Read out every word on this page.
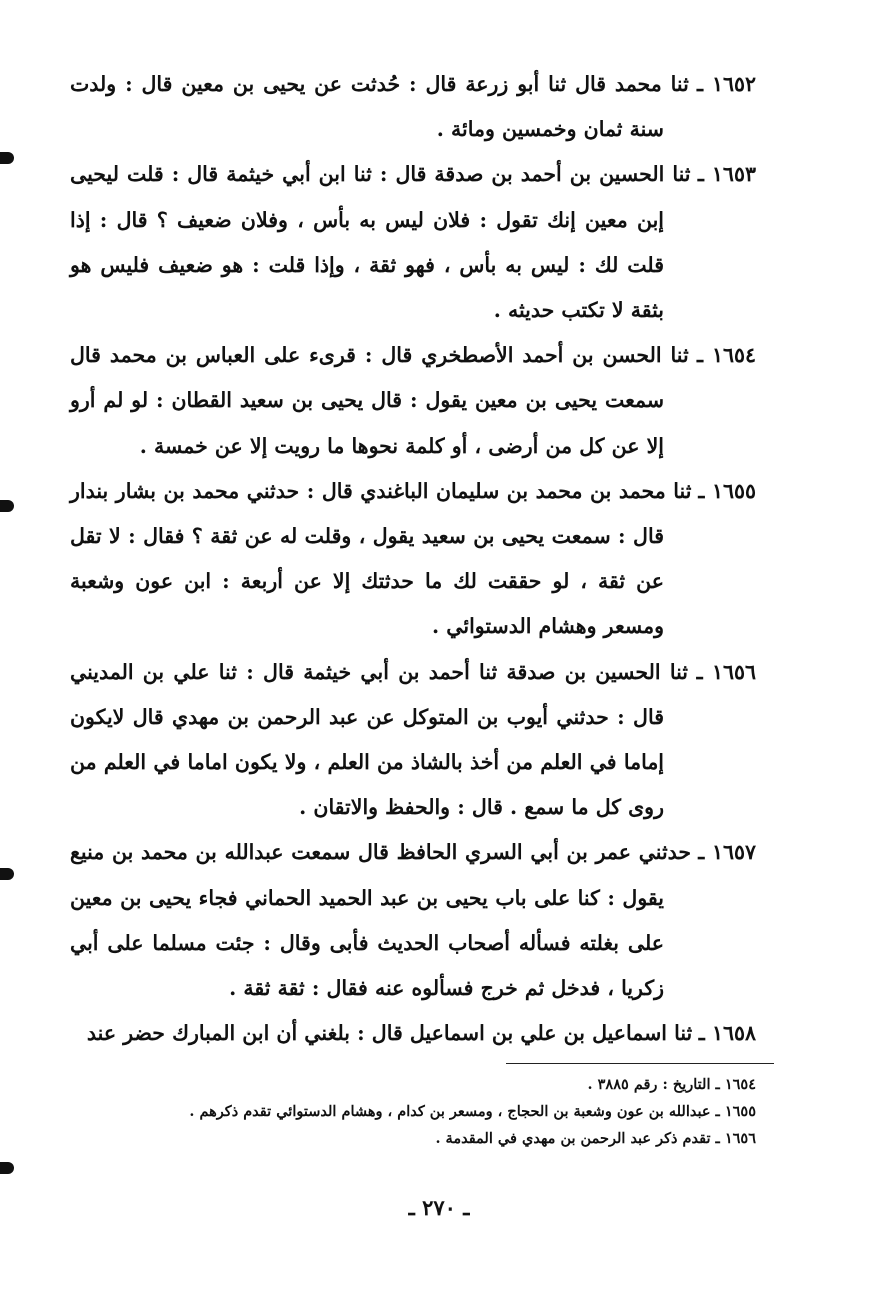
١٦٥٢ ـ ثنا محمد قال ثنا أبو زرعة قال : حُدثت عن يحيى بن معين قال : ولدت سنة ثمان وخمسين ومائة .

١٦٥٣ ـ ثنا الحسين بن أحمد بن صدقة قال : ثنا ابن أبي خيثمة قال : قلت ليحيى إبن معين إنك تقول : فلان ليس به بأس ، وفلان ضعيف ؟ قال : إذا قلت لك : ليس به بأس ، فهو ثقة ، وإذا قلت : هو ضعيف فليس هو بثقة لا تكتب حديثه .

١٦٥٤ ـ ثنا الحسن بن أحمد الأصطخري قال : قرىء على العباس بن محمد قال سمعت يحيى بن معين يقول : قال يحيى بن سعيد القطان : لو لم أرو إلا عن كل من أرضى ، أو كلمة نحوها ما رويت إلا عن خمسة .

١٦٥٥ ـ ثنا محمد بن محمد بن سليمان الباغندي قال : حدثني محمد بن بشار بندار قال : سمعت يحيى بن سعيد يقول ، وقلت له عن ثقة ؟ فقال : لا تقل عن ثقة ، لو حققت لك ما حدثتك إلا عن أربعة : ابن عون وشعبة ومسعر وهشام الدستوائي .

١٦٥٦ ـ ثنا الحسين بن صدقة ثنا أحمد بن أبي خيثمة قال : ثنا علي بن المديني قال : حدثني أيوب بن المتوكل عن عبد الرحمن بن مهدي قال لايكون إماما في العلم من أخذ بالشاذ من العلم ، ولا يكون اماما في العلم من روى كل ما سمع . قال : والحفظ والاتقان .

١٦٥٧ ـ حدثني عمر بن أبي السري الحافظ قال سمعت عبدالله بن محمد بن منيع يقول : كنا على باب يحيى بن عبد الحميد الحماني فجاء يحيى بن معين على بغلته فسأله أصحاب الحديث فأبى وقال : جئت مسلما على أبي زكريا ، فدخل ثم خرج فسألوه عنه فقال : ثقة ثقة .

١٦٥٨ ـ ثنا اسماعيل بن علي بن اسماعيل قال : بلغني أن ابن المبارك حضر عند

١٦٥٤ ـ التاريخ : رقم ٣٨٨٥ .

١٦٥٥ ـ عبدالله بن عون وشعبة بن الحجاج ، ومسعر بن كدام ، وهشام الدستوائي تقدم ذكرهم .

١٦٥٦ ـ تقدم ذكر عبد الرحمن بن مهدي في المقدمة .

ـ ٢٧٠ ـ
